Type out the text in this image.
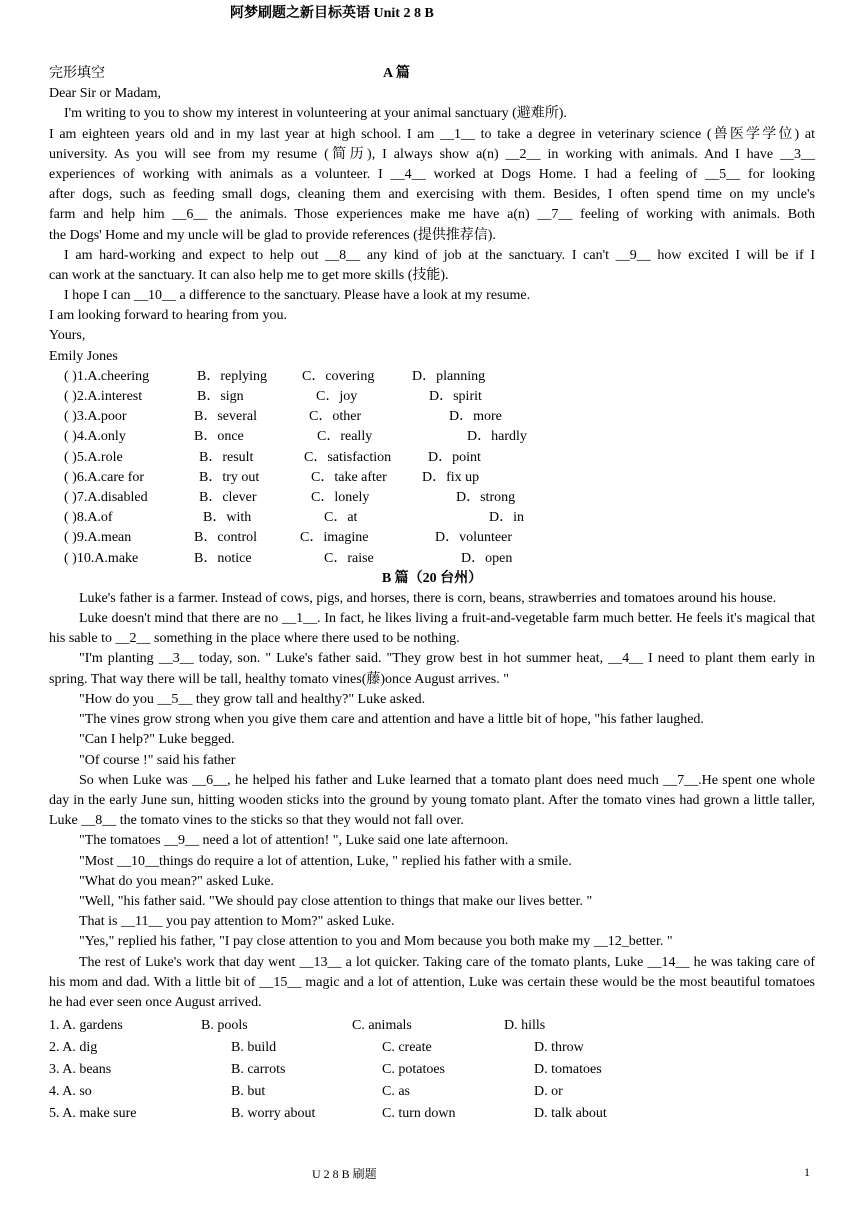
阿梦刷题之新目标英语 Unit 2 8 B
完形填空	A 篇
Dear Sir or Madam,
I'm writing to you to show my interest in volunteering at your animal sanctuary (避难所).
I am eighteen years old and in my last year at high school. I am __1__ to take a degree in veterinary science (兽医学学位) at
university. As you will see from my resume (简历), I always show a(n) __2__ in working with animals. And I have __3__
experiences of working with animals as a volunteer. I __4__ worked at Dogs Home. I had a feeling of __5__ for looking
after dogs, such as feeding small dogs, cleaning them and exercising with them. Besides, I often spend time on my uncle's
farm and help him __6__ the animals. Those experiences make me have a(n) __7__ feeling of working with animals. Both
the Dogs' Home and my uncle will be glad to provide references (提供推荐信).
I am hard-working and expect to help out __8__ any kind of job at the sanctuary. I can't __9__ how excited I will be if I
can work at the sanctuary. It can also help me to get more skills (技能).
I hope I can __10__ a difference to the sanctuary. Please have a look at my resume.
I am looking forward to hearing from you.
Yours,
Emily Jones
( )1.A.cheering	B．replying	C．covering	D．planning
( )2.A.interest	B．sign	C．joy	D．spirit
( )3.A.poor	B．several	C．other	D．more
( )4.A.only	B．once	C．really	D．hardly
( )5.A.role	B．result	C．satisfaction	D．point
( )6.A.care for	B．try out	C．take after	D．fix up
( )7.A.disabled	B．clever	C．lonely	D．strong
( )8.A.of	B．with	C．at	D．in
( )9.A.mean	B．control	C．imagine	D．volunteer
( )10.A.make	B．notice	C．raise	D．open
B 篇（20 台州）
Luke's father is a farmer. Instead of cows, pigs, and horses, there is corn, beans, strawberries and tomatoes around his house.
Luke doesn't mind that there are no __1__. In fact, he likes living a fruit-and-vegetable farm much better. He feels it's magical that his sable to __2__ something in the place where there used to be nothing.
"I'm planting __3__ today, son. " Luke's father said. "They grow best in hot summer heat, __4__ I need to plant them early in spring. That way there will be tall, healthy tomato vines(藤)once August arrives. "
"How do you __5__ they grow tall and healthy?" Luke asked.
"The vines grow strong when you give them care and attention and have a little bit of hope, "his father laughed.
"Can I help?" Luke begged.
"Of course !" said his father
So when Luke was __6__, he helped his father and Luke learned that a tomato plant does need much __7__.He spent one whole day in the early June sun, hitting wooden sticks into the ground by young tomato plant. After the tomato vines had grown a little taller, Luke __8__ the tomato vines to the sticks so that they would not fall over.
"The tomatoes __9__ need a lot of attention! ", Luke said one late afternoon.
"Most __10__things do require a lot of attention, Luke, " replied his father with a smile.
"What do you mean?" asked Luke.
"Well, "his father said. "We should pay close attention to things that make our lives better. "
That is __11__ you pay attention to Mom?" asked Luke.
"Yes," replied his father, "I pay close attention to you and Mom because you both make my __12_better. "
The rest of Luke's work that day went __13__ a lot quicker. Taking care of the tomato plants, Luke __14__ he was taking care of his mom and dad. With a little bit of __15__ magic and a lot of attention, Luke was certain these would be the most beautiful tomatoes he had ever seen once August arrived.
1. A. gardens	B. pools	C. animals	D. hills
2. A. dig	B. build	C. create	D. throw
3. A. beans	B. carrots	C. potatoes	D. tomatoes
4. A. so	B. but	C. as	D. or
5. A. make sure	B. worry about	C. turn down	D. talk about
U 2 8 B 刷题	1
